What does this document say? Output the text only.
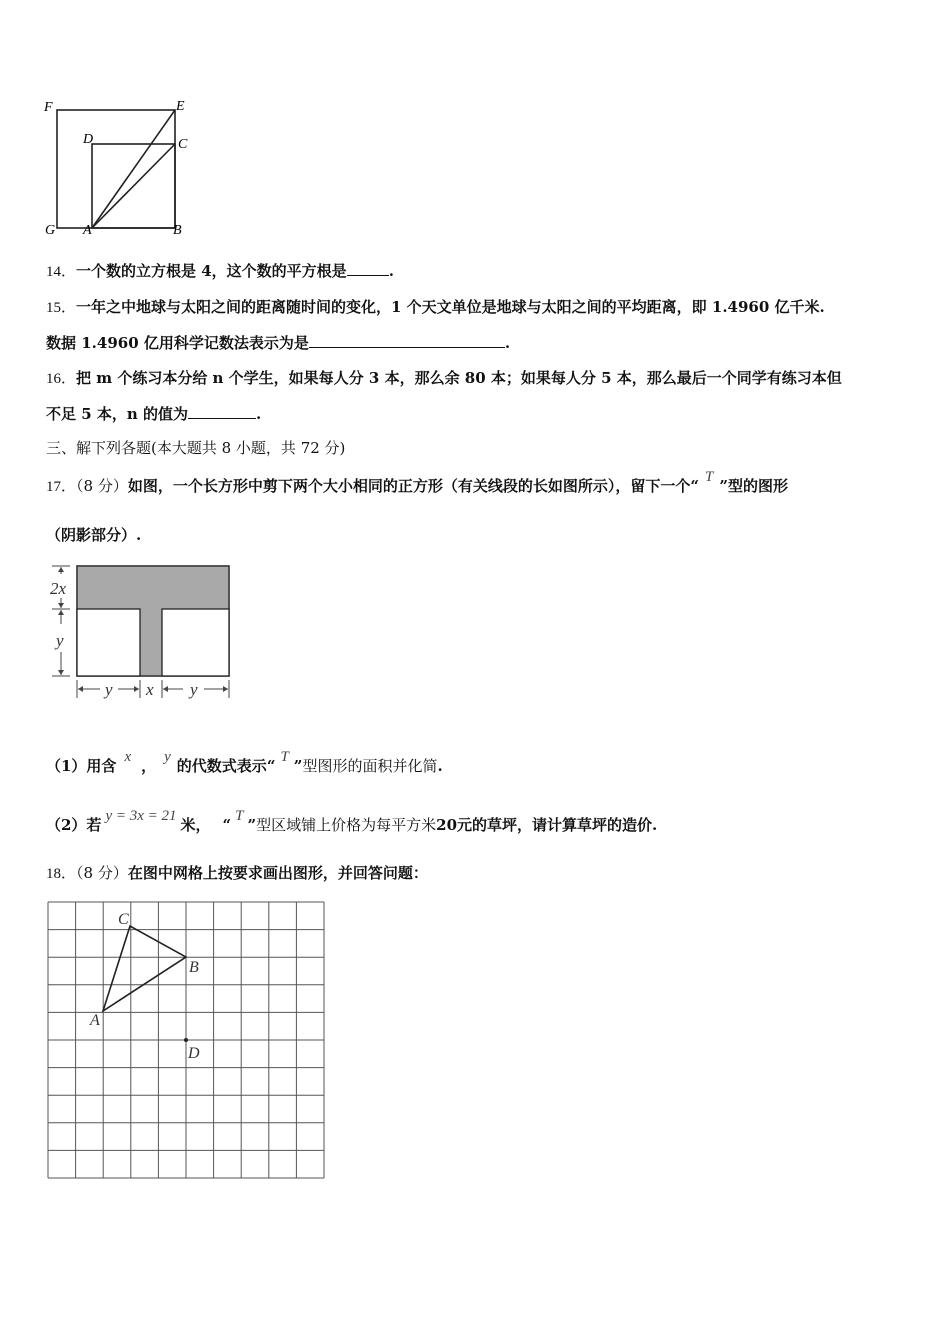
F	E
D	C
G A	B
14．一个数的立方根是 4，这个数的平方根是	.
15．一年之中地球与太阳之间的距离随时间的变化，1 个天文单位是地球与太阳之间的平均距离，即 1.4960 亿千米.
数据 1.4960 亿用科学记数法表示为是	.
16．把 m 个练习本分给 n 个学生，如果每人分 3 本，那么余 80 本；如果每人分 5 本，那么最后一个同学有练习本但
不足 5 本，n 的值为	.
三、解下列各题(本大题共 8 小题，共 72 分)
17．（8 分）如图，一个长方形中剪下两个大小相同的正方形（有关线段的长如图所示），留下一个“ T ”型的图形
（阴影部分）.
2x
y
y x y
（1）用含 x ， y 的代数式表示“ T ”型图形的面积并化简.
（2）若 y = 3x = 21 米， “ T ”型区域铺上价格为每平方米20元的草坪，请计算草坪的造价.
18．（8 分）在图中网格上按要求画出图形，并回答问题：
C
B
A
D
